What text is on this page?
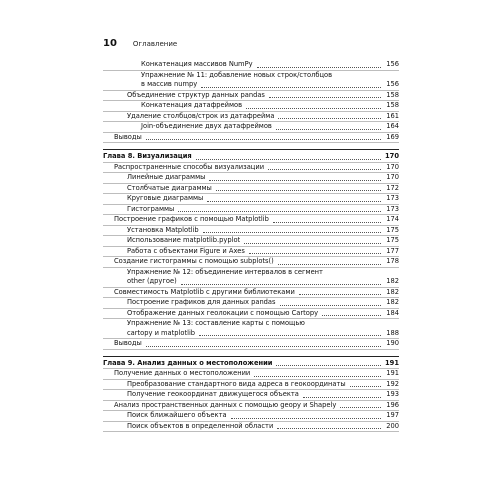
10 Оглавление
Конкатенация массивов NumPy	156
Упражнение № 11: добавление новых строк/столбцов
в массив numpy	156
Объединение структур данных pandas	158
Конкатенация датафреймов	158
Удаление столбцов/строк из датафрейма	161
Join-объединение двух датафреймов	164
Выводы	169
Глава 8. Визуализация	170
Распространенные способы визуализации	170
Линейные диаграммы	170
Столбчатые диаграммы	172
Круговые диаграммы	173
Гистограммы	173
Построение графиков с помощью Matplotlib	174
Установка Matplotlib	175
Использование matplotlib.pyplot	175
Работа с объектами Figure и Axes	177
Создание гистограммы с помощью subplots()	178
Упражнение № 12: объединение интервалов в сегмент
other (другое)	182
Совместимость Matplotlib с другими библиотеками	182
Построение графиков для данных pandas	182
Отображение данных геолокации с помощью Cartopy	184
Упражнение № 13: составление карты с помощью
cartopy и matplotlib	188
Выводы	190
Глава 9. Анализ данных о местоположении	191
Получение данных о местоположении	191
Преобразование стандартного вида адреса в геокоординаты	192
Получение геокоординат движущегося объекта	193
Анализ пространственных данных с помощью geopy и Shapely	196
Поиск ближайшего объекта	197
Поиск объектов в определенной области	200
